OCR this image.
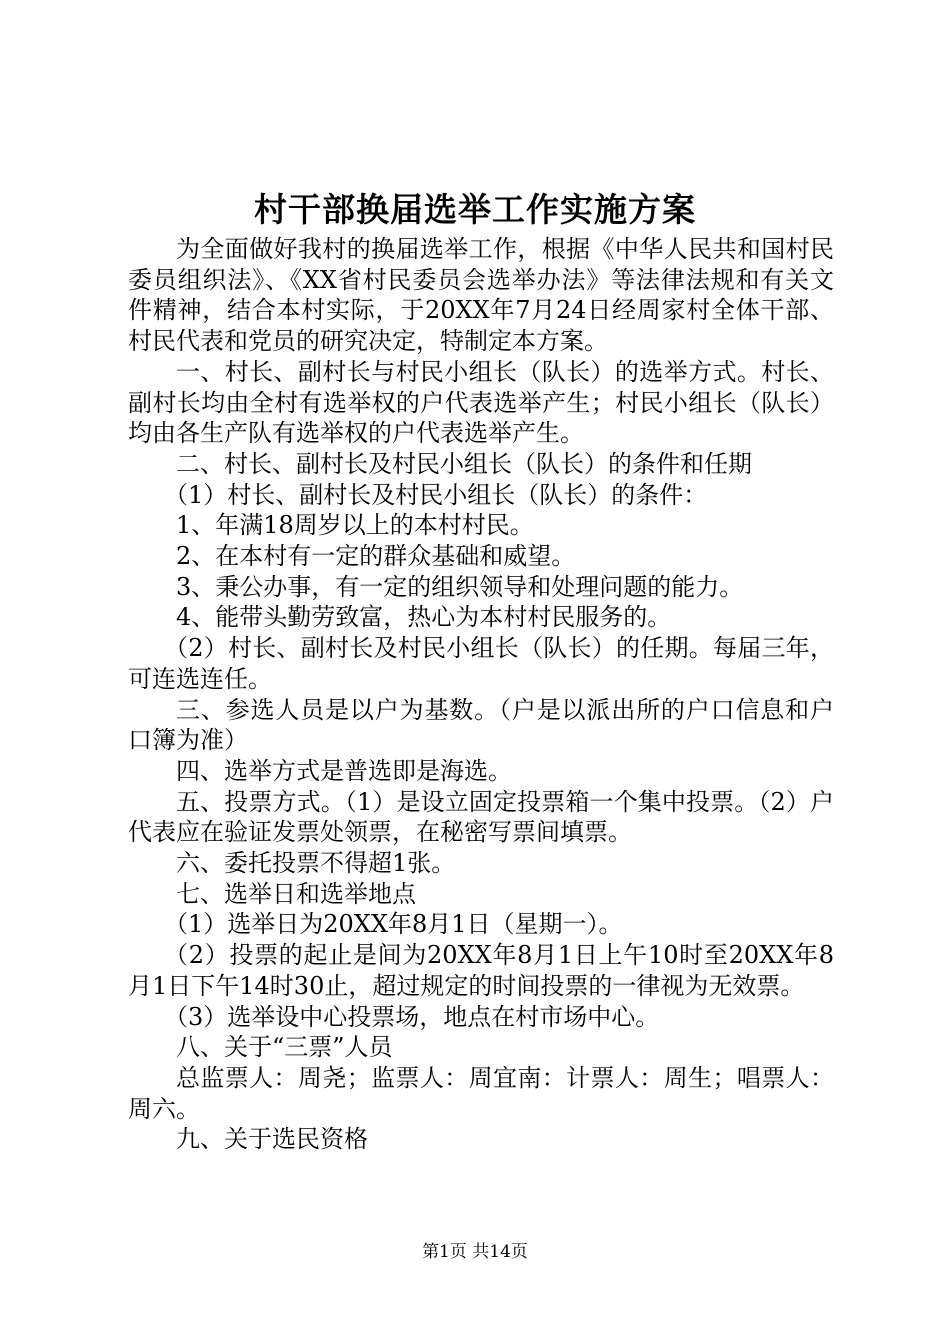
村干部换届选举工作实施方案

为全面做好我村的换届选举工作，根据《中华人民共和国村民委员组织法》、《XX省村民委员会选举办法》等法律法规和有关文件精神，结合本村实际，于20XX年7月24日经周家村全体干部、村民代表和党员的研究决定，特制定本方案。

一、村长、副村长与村民小组长（队长）的选举方式。村长、副村长均由全村有选举权的户代表选举产生；村民小组长（队长）均由各生产队有选举权的户代表选举产生。

二、村长、副村长及村民小组长（队长）的条件和任期

（1）村长、副村长及村民小组长（队长）的条件：

1、年满18周岁以上的本村村民。

2、在本村有一定的群众基础和威望。

3、秉公办事，有一定的组织领导和处理问题的能力。

4、能带头勤劳致富，热心为本村村民服务的。

（2）村长、副村长及村民小组长（队长）的任期。每届三年，可连选连任。

三、参选人员是以户为基数。（户是以派出所的户口信息和户口簿为准）

四、选举方式是普选即是海选。

五、投票方式。（1）是设立固定投票箱一个集中投票。（2）户代表应在验证发票处领票，在秘密写票间填票。

六、委托投票不得超1张。

七、选举日和选举地点

（1）选举日为20XX年8月1日（星期一）。

（2）投票的起止是间为20XX年8月1日上午10时至20XX年8月1日下午14时30止，超过规定的时间投票的一律视为无效票。

（3）选举设中心投票场，地点在村市场中心。

八、关于“三票”人员

总监票人：周尧；监票人：周宜南：计票人：周生；唱票人：周六。

九、关于选民资格

第1页 共14页
